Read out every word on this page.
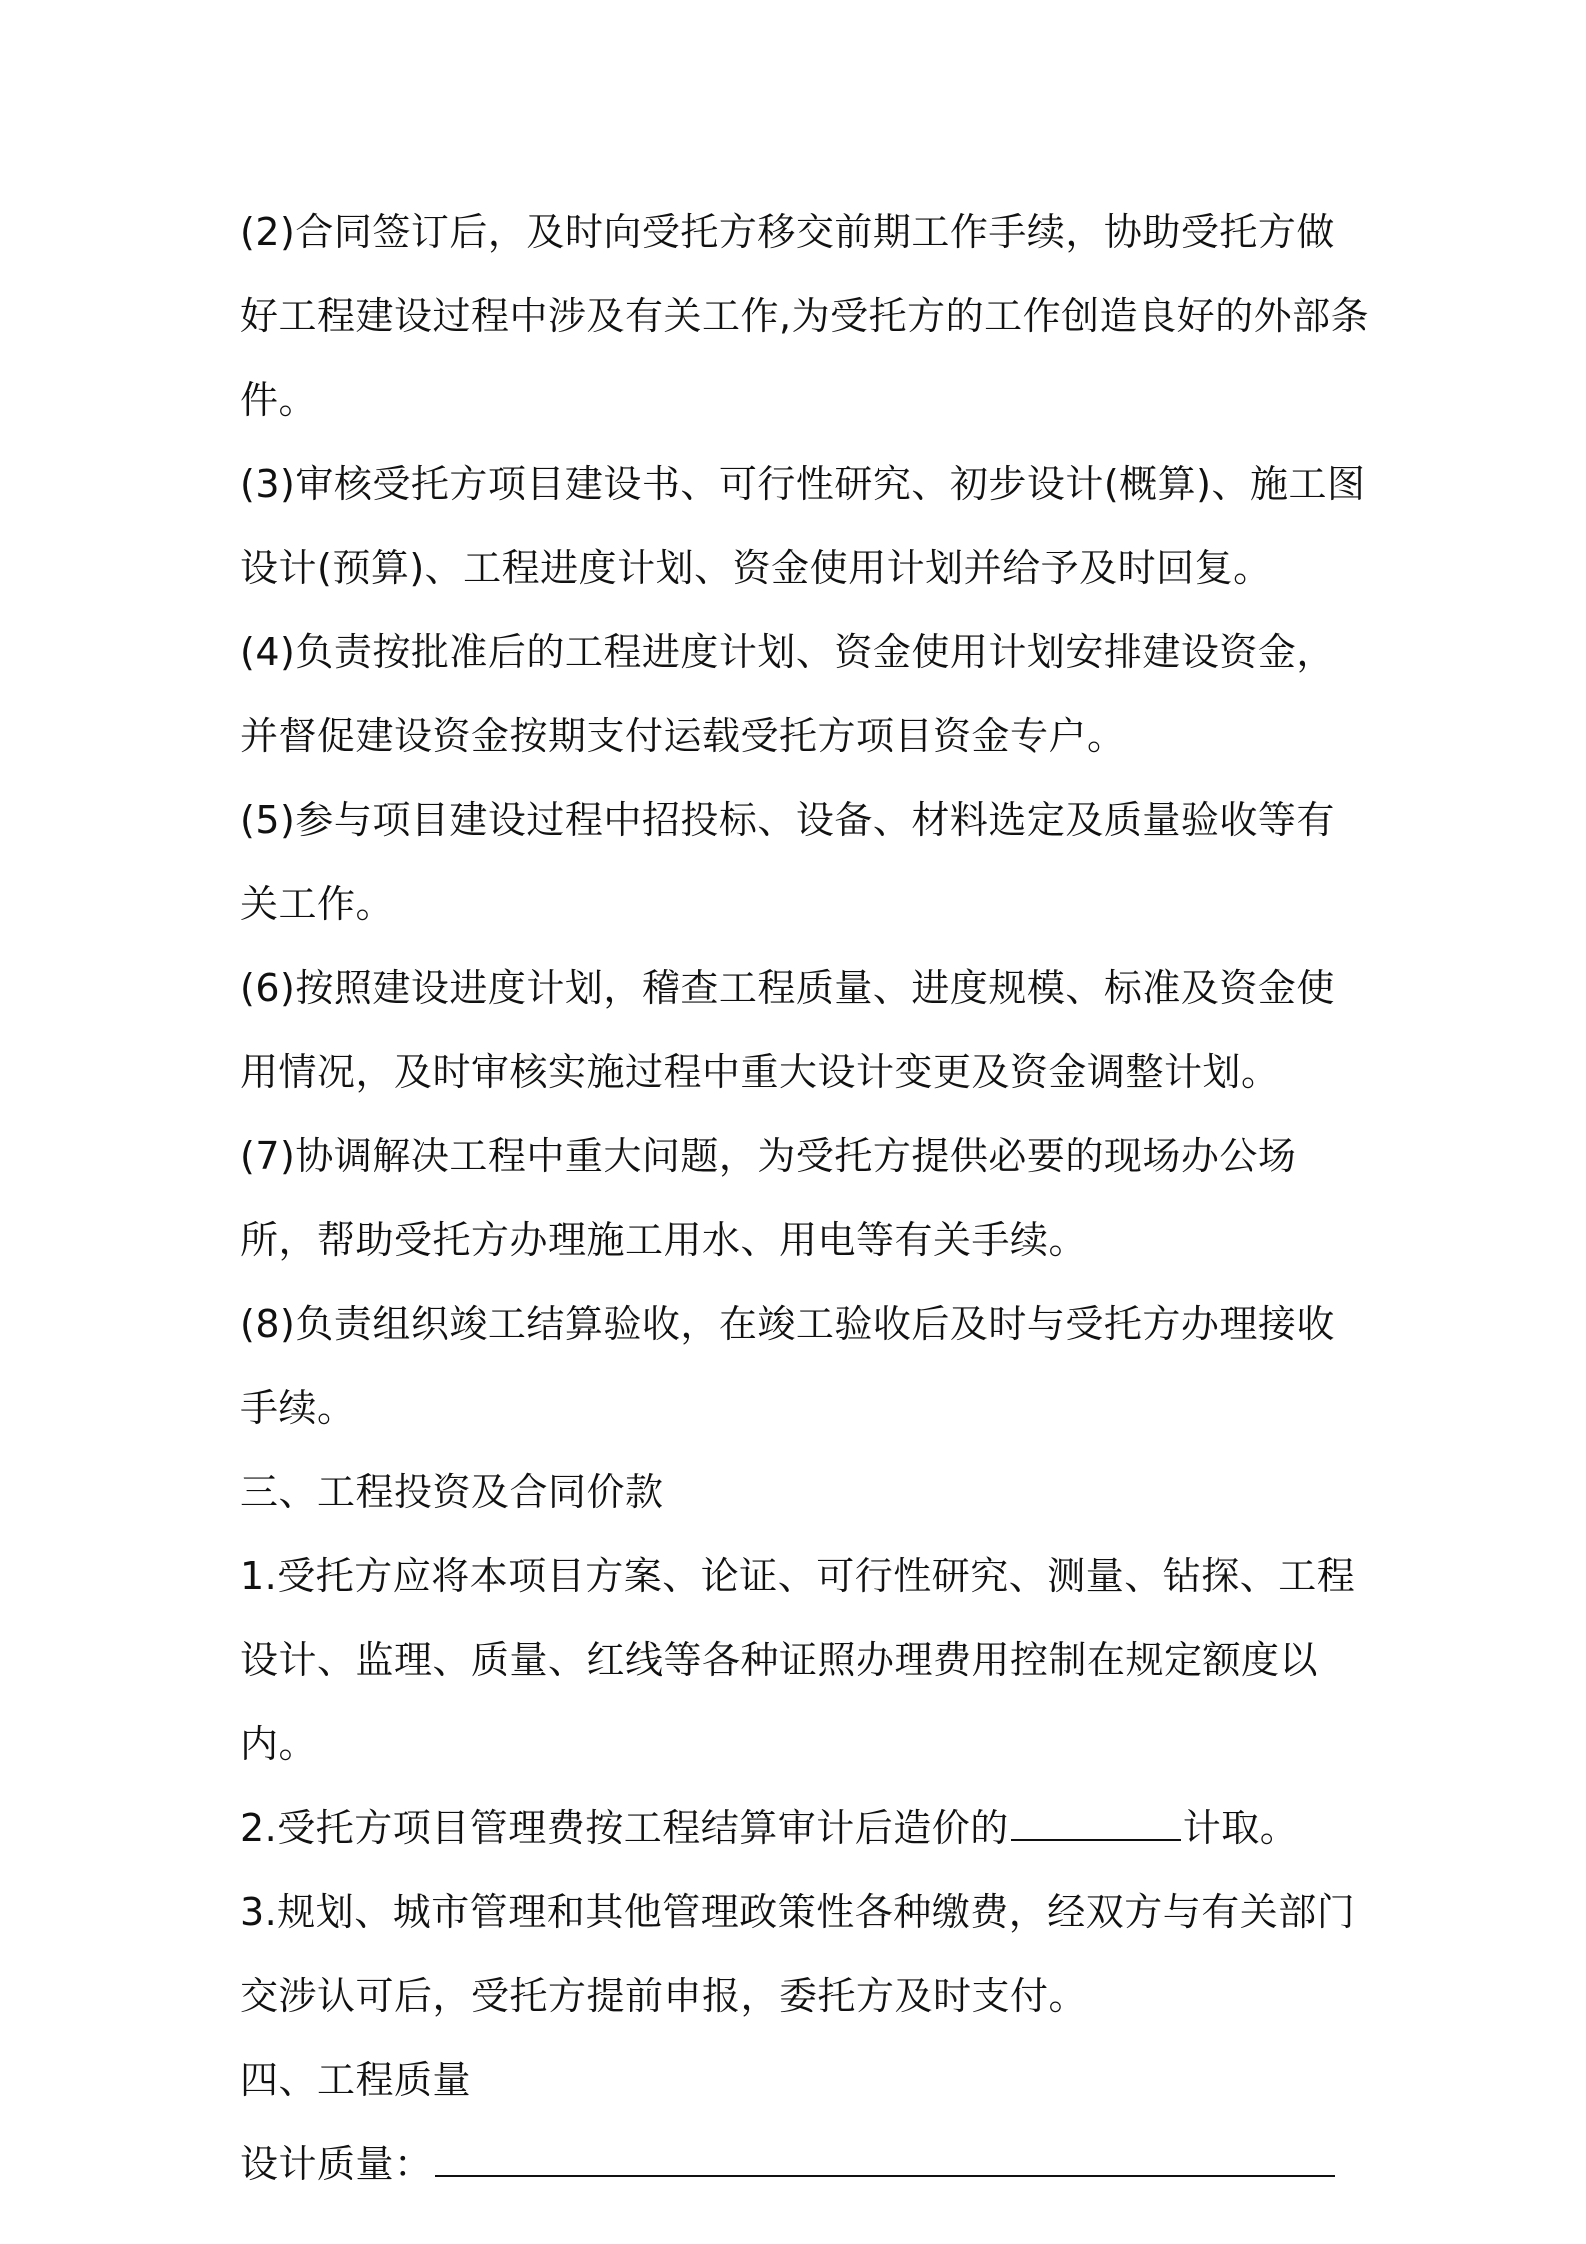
(2)合同签订后，及时向受托方移交前期工作手续，协助受托方做好工程建设过程中涉及有关工作,为受托方的工作创造良好的外部条件。

(3)审核受托方项目建设书、可行性研究、初步设计(概算)、施工图设计(预算)、工程进度计划、资金使用计划并给予及时回复。

(4)负责按批准后的工程进度计划、资金使用计划安排建设资金，并督促建设资金按期支付运载受托方项目资金专户。

(5)参与项目建设过程中招投标、设备、材料选定及质量验收等有关工作。

(6)按照建设进度计划，稽查工程质量、进度规模、标准及资金使用情况，及时审核实施过程中重大设计变更及资金调整计划。

(7)协调解决工程中重大问题，为受托方提供必要的现场办公场所，帮助受托方办理施工用水、用电等有关手续。

(8)负责组织竣工结算验收，在竣工验收后及时与受托方办理接收手续。

三、工程投资及合同价款

1.受托方应将本项目方案、论证、可行性研究、测量、钻探、工程设计、监理、质量、红线等各种证照办理费用控制在规定额度以内。

2.受托方项目管理费按工程结算审计后造价的	计取。

3.规划、城市管理和其他管理政策性各种缴费，经双方与有关部门交涉认可后，受托方提前申报，委托方及时支付。

四、工程质量

设计质量：
